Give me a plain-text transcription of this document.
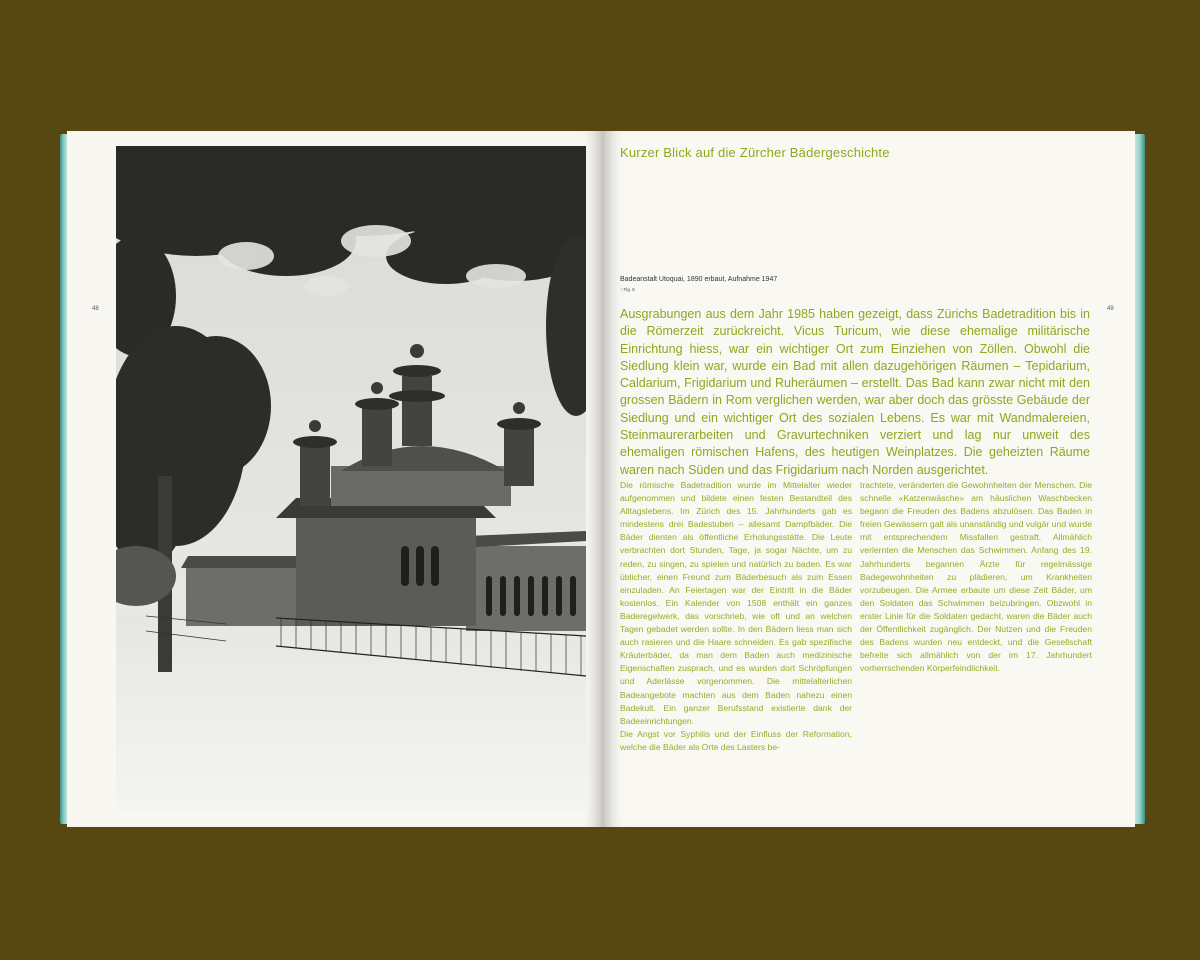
48	49
Kurzer Blick auf die Zürcher Bädergeschichte
Badeanstalt Utoquai, 1890 erbaut, Aufnahme 1947
↑ Fig. 6

Ausgrabungen aus dem Jahr 1985 haben gezeigt, dass Zürichs Badetradition bis in die Römerzeit zurückreicht. Vicus Turicum, wie diese ehemalige militärische Einrichtung hiess, war ein wichtiger Ort zum Einziehen von Zöllen. Obwohl die Siedlung klein war, wurde ein Bad mit allen dazugehörigen Räumen – Tepidarium, Caldarium, Frigidarium und Ruheräumen – erstellt. Das Bad kann zwar nicht mit den grossen Bädern in Rom verglichen werden, war aber doch das grösste Gebäude der Siedlung und ein wichtiger Ort des sozialen Lebens. Es war mit Wandmalereien, Steinmaurerarbeiten und Gravurtechniken verziert und lag nur unweit des ehemaligen römischen Hafens, des heutigen Weinplatzes. Die geheizten Räume waren nach Süden und das Frigidarium nach Norden ausgerichtet.

Die römische Badetradition wurde im Mittelalter wieder aufgenommen und bildete einen festen Bestandteil des Alltagslebens. Im Zürich des 15. Jahrhunderts gab es mindestens drei Badestuben – allesamt Dampfbäder. Die Bäder dienten als öffentliche Erholungsstätte. Die Leute verbrachten dort Stunden, Tage, ja sogar Nächte, um zu reden, zu singen, zu spielen und natürlich zu baden. Es war üblicher, einen Freund zum Bäderbesuch als zum Essen einzuladen. An Feiertagen war der Eintritt in die Bäder kostenlos. Ein Kalender von 1508 enthält ein ganzes Baderegelwerk, das vorschrieb, wie oft und an welchen Tagen gebadet werden sollte. In den Bädern liess man sich auch rasieren und die Haare schneiden. Es gab spezifische Kräuterbäder, da man dem Baden auch medizinische Eigenschaften zusprach, und es wurden dort Schröpfungen und Aderlässe vorgenommen. Die mittelalterlichen Badeangebote machten aus dem Baden nahezu einen Badekult. Ein ganzer Berufsstand existierte dank der Badeeinrichtungen.

Die Angst vor Syphilis und der Einfluss der Reformation, welche die Bäder als Orte des Lasters be-

trachtete, veränderten die Gewohnheiten der Menschen. Die schnelle «Katzenwäsche» am häuslichen Waschbecken begann die Freuden des Badens abzulösen. Das Baden in freien Gewässern galt als unanständig und vulgär und wurde mit entsprechendem Missfallen gestraft. Allmählich verlernten die Menschen das Schwimmen. Anfang des 19. Jahrhunderts begannen Ärzte für regelmässige Badegewohnheiten zu plädieren, um Krankheiten vorzubeugen. Die Armee erbaute um diese Zeit Bäder, um den Soldaten das Schwimmen beizubringen. Obzwohl in erster Linie für die Soldaten gedacht, waren die Bäder auch der Öffentlichkeit zugänglich. Der Nutzen und die Freuden des Badens wurden neu entdeckt, und die Gesellschaft befreite sich allmählich von der im 17. Jahrhundert vorherrschenden Körperfeindlichkeit.
